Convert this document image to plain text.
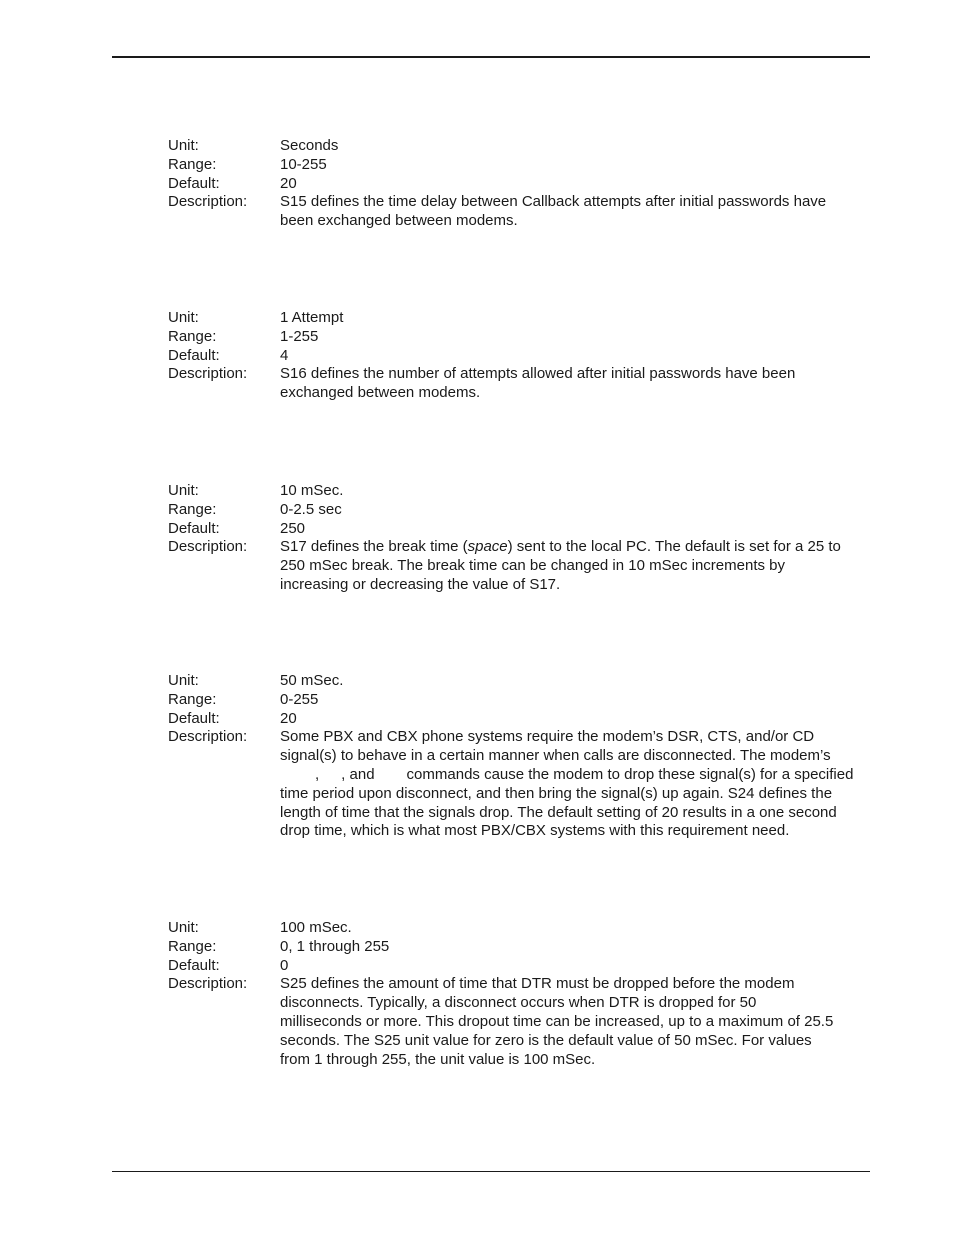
Unit:	Seconds
Range:	10-255
Default:	20
Description:	S15 defines the time delay between Callback attempts after initial passwords have
been exchanged between modems.
Unit:	1 Attempt
Range:	1-255
Default:	4
Description:	S16 defines the number of attempts allowed after initial passwords have been
exchanged between modems.
Unit:	10 mSec.
Range:	0-2.5 sec
Default:	250
Description:	S17 defines the break time (space) sent to the local PC. The default is set for a 25 to
250 mSec break. The break time can be changed in 10 mSec increments by
increasing or decreasing the value of S17.
Unit:	50 mSec.
Range:	0-255
Default:	20
Description:	Some PBX and CBX phone systems require the modem’s DSR, CTS, and/or CD
signal(s) to behave in a certain manner when calls are disconnected. The modem’s
, , and commands cause the modem to drop these signal(s) for a specified
time period upon disconnect, and then bring the signal(s) up again. S24 defines the
length of time that the signals drop. The default setting of 20 results in a one second
drop time, which is what most PBX/CBX systems with this requirement need.
Unit:	100 mSec.
Range:	0, 1 through 255
Default:	0
Description:	S25 defines the amount of time that DTR must be dropped before the modem
disconnects. Typically, a disconnect occurs when DTR is dropped for 50
milliseconds or more. This dropout time can be increased, up to a maximum of 25.5
seconds. The S25 unit value for zero is the default value of 50 mSec. For values
from 1 through 255, the unit value is 100 mSec.
